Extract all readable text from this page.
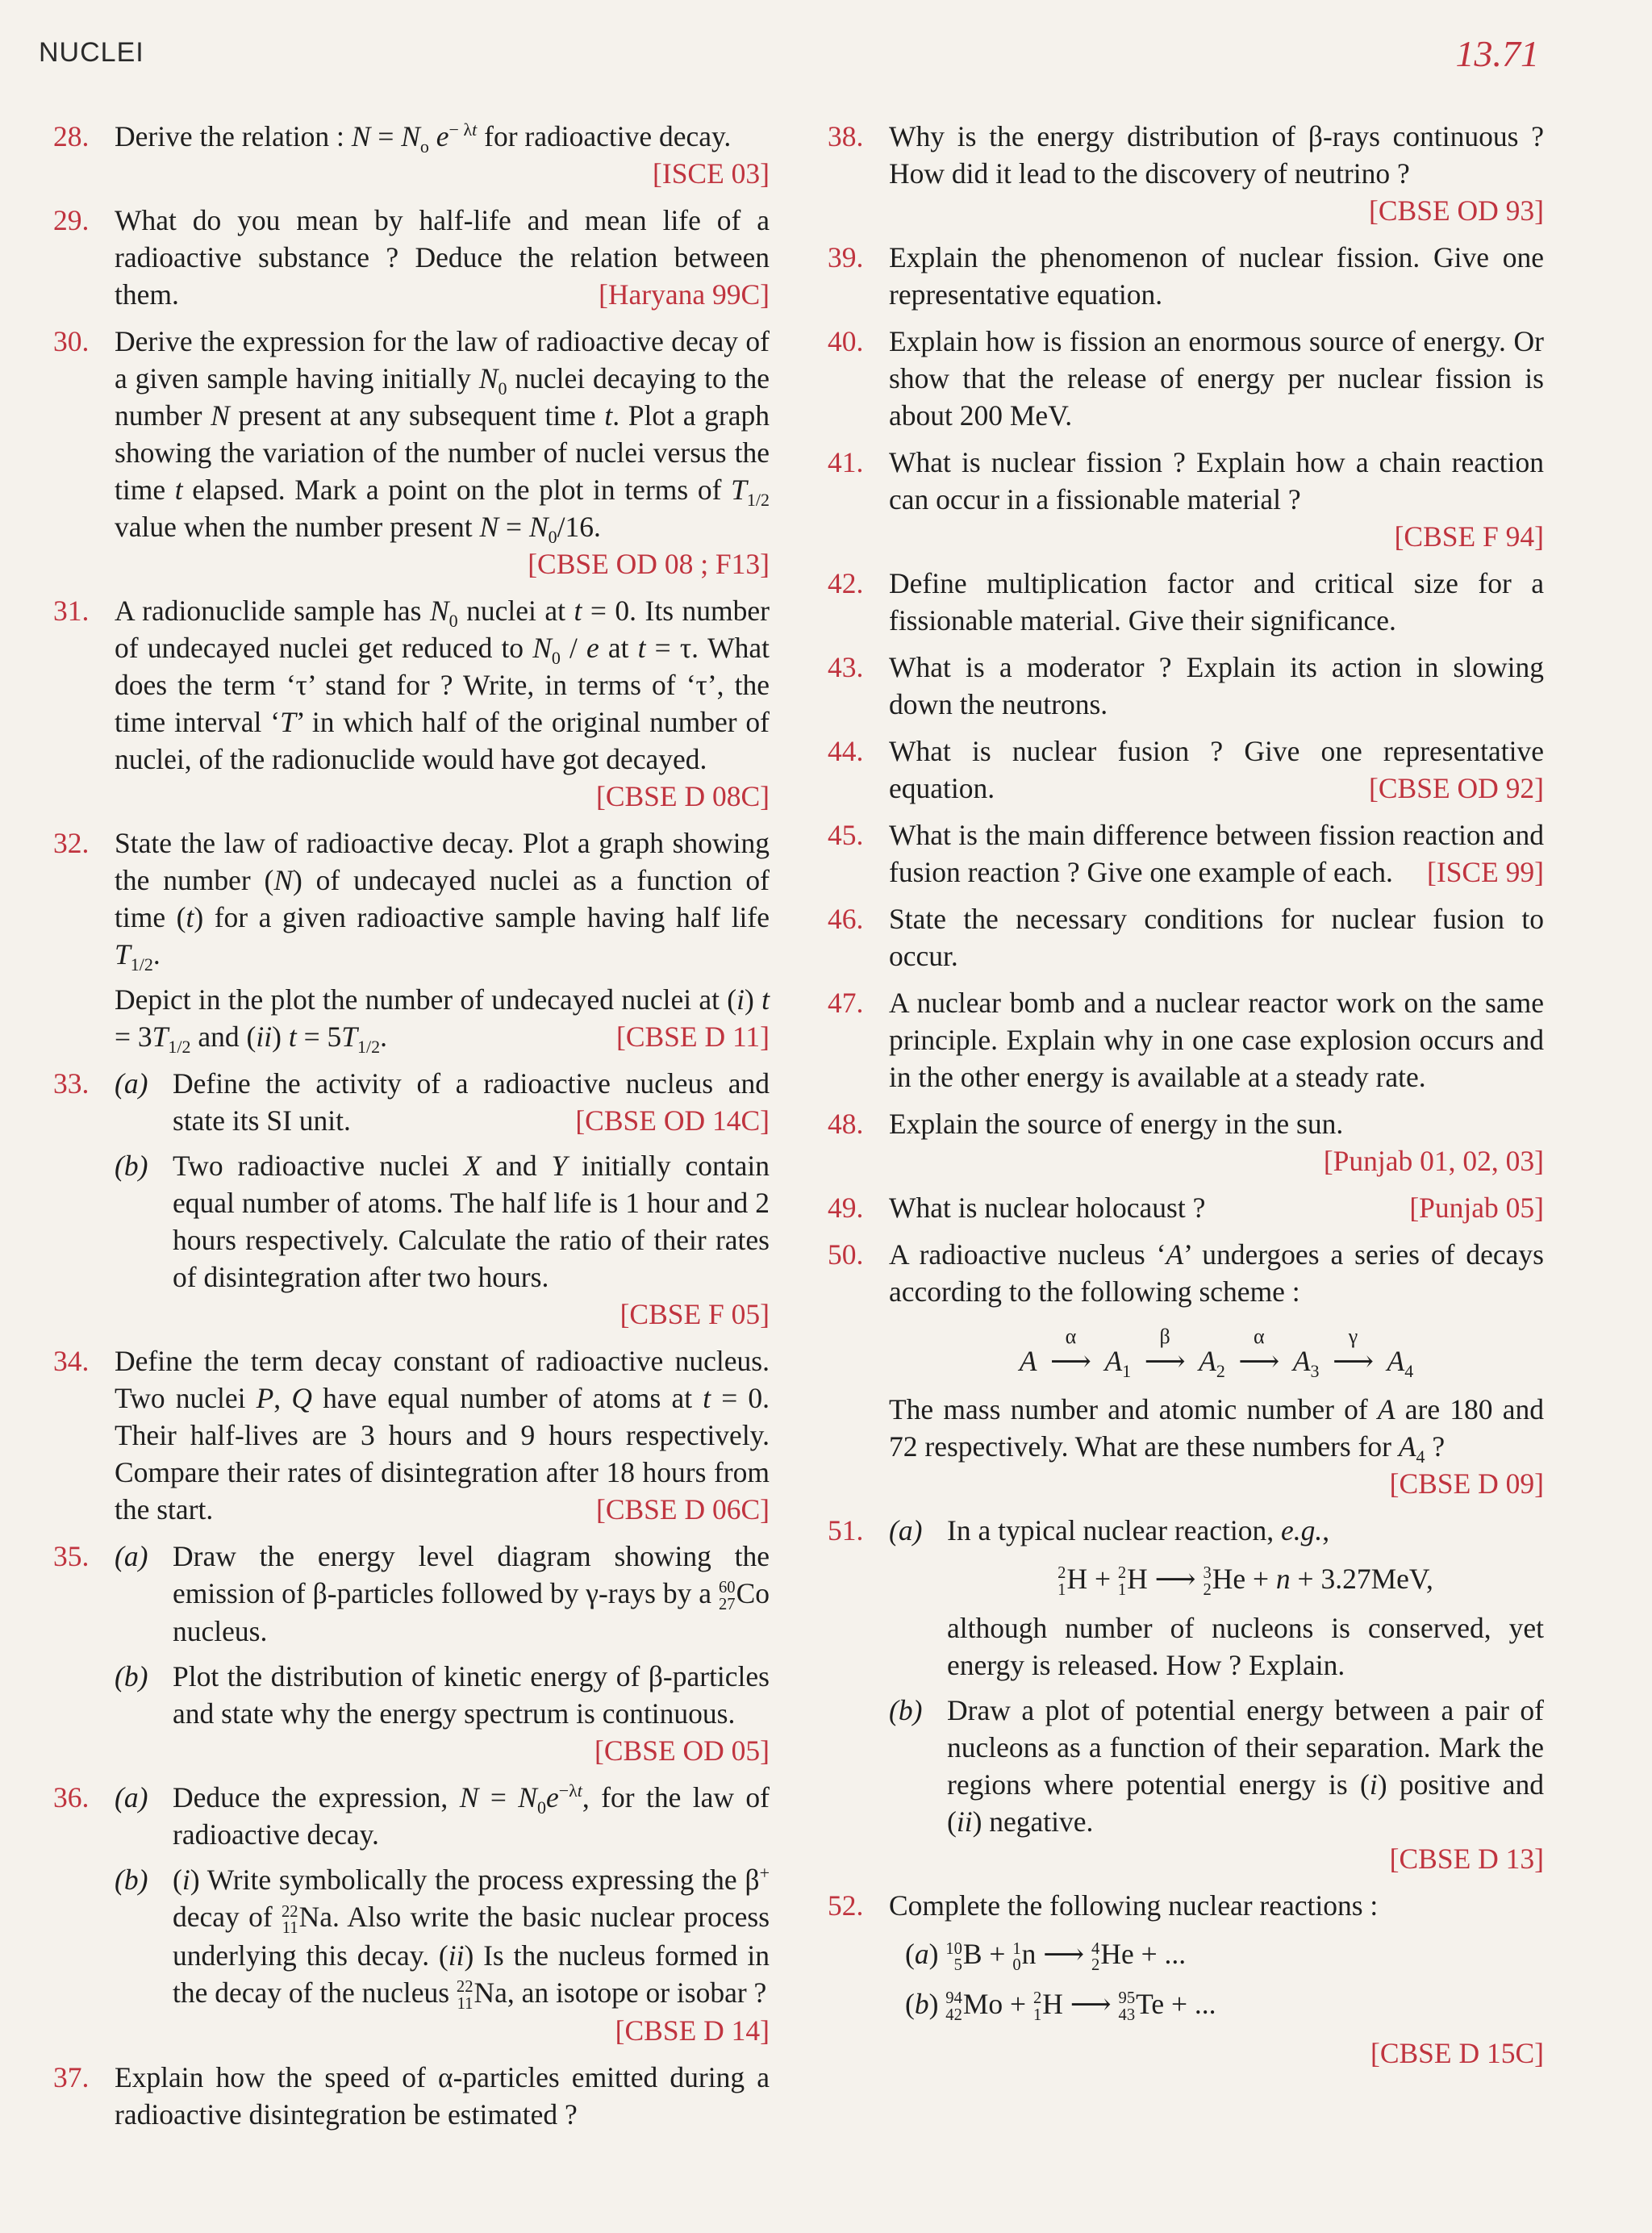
NUCLEI	13.71
28. Derive the relation : $N = N_o$ $e^{- \lambda t}$ for radioactive decay.
[ISCE 03]
29. What do you mean by half-life and mean life of a radioactive substance ? Deduce the relation between them.	[Haryana 99C]
30. Derive the expression for the law of radioactive decay of a given sample having initially $N_0$ nuclei decaying to the number N present at any subsequent time t. Plot a graph showing the variation of the number of nuclei versus the time t elapsed. Mark a point on the plot in terms of $T_{1/2}$ value when the number present $N = N_0/16$.
[CBSE OD 08 ; F13]
31. A radionuclide sample has $N_0$ nuclei at t = 0. Its number of undecayed nuclei get reduced to $N_0$ / e at t = τ. What does the term ‘τ’ stand for ? Write, in terms of ‘τ’, the time interval ‘T’ in which half of the original number of nuclei, of the radionuclide would have got decayed.
[CBSE D 08C]
32. State the law of radioactive decay. Plot a graph showing the number (N) of undecayed nuclei as a function of time (t) for a given radioactive sample having half life $T_{1/2}$.
Depict in the plot the number of undecayed nuclei at (i) $t = 3T_{1/2}$ and (ii) $t = 5T_{1/2}$.	[CBSE D 11]
33. (a) Define the activity of a radioactive nucleus and state its SI unit.	[CBSE OD 14C]
(b) Two radioactive nuclei X and Y initially contain equal number of atoms. The half life is 1 hour and 2 hours respectively. Calculate the ratio of their rates of disintegration after two hours.
[CBSE F 05]
34. Define the term decay constant of radioactive nucleus. Two nuclei P, Q have equal number of atoms at t = 0. Their half-lives are 3 hours and 9 hours respectively. Compare their rates of disintegration after 18 hours from the start.	[CBSE D 06C]
35. (a) Draw the energy level diagram showing the emission of β-particles followed by γ-rays by a 60
27 Co nucleus.
(b) Plot the distribution of kinetic energy of β-particles and state why the energy spectrum is continuous.
[CBSE OD 05]
36. (a) Deduce the expression, $N = N_0e^{-\lambda t}$, for the law of radioactive decay.
(b) (i) Write symbolically the process expressing the β+ decay of 22
11 Na. Also write the basic nuclear process underlying this decay. (ii) Is the nucleus formed in the decay of the nucleus 22
11 Na, an isotope or isobar ?
[CBSE D 14]
37. Explain how the speed of α-particles emitted during a radioactive disintegration be estimated ?
38. Why is the energy distribution of β-rays continuous ? How did it lead to the discovery of neutrino ?
[CBSE OD 93]
39. Explain the phenomenon of nuclear fission. Give one representative equation.
40. Explain how is fission an enormous source of energy. Or show that the release of energy per nuclear fission is about 200 MeV.
41. What is nuclear fission ? Explain how a chain reaction can occur in a fissionable material ?
[CBSE F 94]
42. Define multiplication factor and critical size for a fissionable material. Give their significance.
43. What is a moderator ? Explain its action in slowing down the neutrons.
44. What is nuclear fusion ? Give one representative equation.	[CBSE OD 92]
45. What is the main difference between fission reaction and fusion reaction ? Give one example of each. [ISCE 99]
46. State the necessary conditions for nuclear fusion to occur.
47. A nuclear bomb and a nuclear reactor work on the same principle. Explain why in one case explosion occurs and in the other energy is available at a steady rate.
48. Explain the source of energy in the sun.
[Punjab 01, 02, 03]
49. What is nuclear holocaust ?	[Punjab 05]
50. A radioactive nucleus ‘A’ undergoes a series of decays according to the following scheme :
A
α
⟶ $A_1$
β
⟶ $A_2$
α
⟶ $A_3$
γ
⟶ $A_4$
The mass number and atomic number of A are 180 and 72 respectively. What are these numbers for $A_4$ ?
[CBSE D 09]
51. (a) In a typical nuclear reaction, e.g.,
2
1 H + 2
1 H ⟶ 3
2 He + n + 3.27MeV,
although number of nucleons is conserved, yet energy is released. How ? Explain.
(b) Draw a plot of potential energy between a pair of nucleons as a function of their separation. Mark the regions where potential energy is (i) positive and (ii) negative.
[CBSE D 13]
52. Complete the following nuclear reactions :
(a) 10
5 B + 1
0 n ⟶ 4
2 He + ...
(b) 94
42 Mo + 2
1 H ⟶ 95
43 Te + ...
[CBSE D 15C]
